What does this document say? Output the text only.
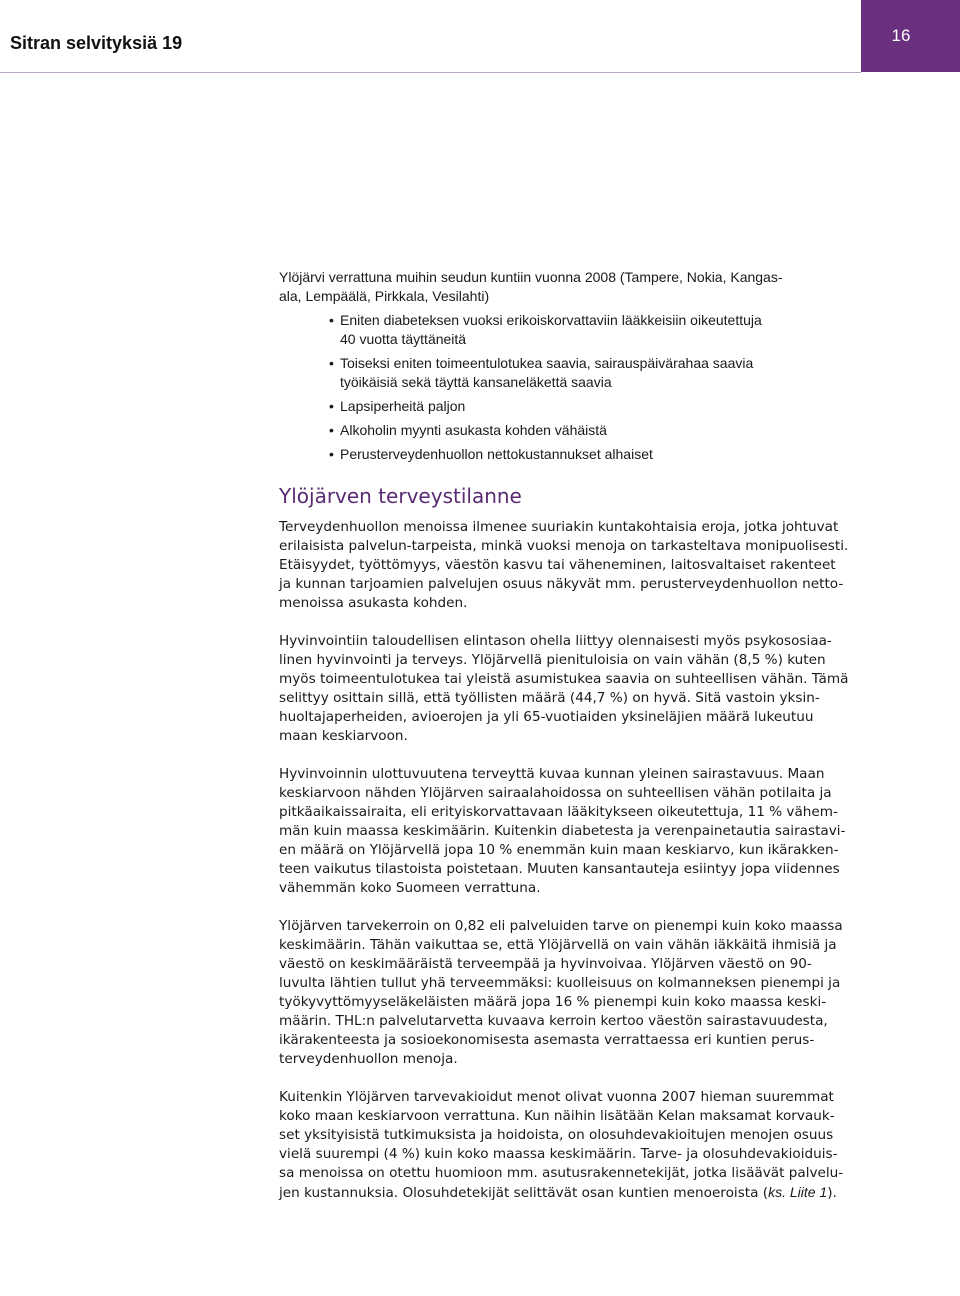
Sitran selvityksiä 19	16

Ylöjärvi verrattuna muihin seudun kuntiin vuonna 2008 (Tampere, Nokia, Kangas-
ala, Lempäälä, Pirkkala, Vesilahti)

• Eniten diabeteksen vuoksi erikoiskorvattaviin lääkkeisiin oikeutettuja
40 vuotta täyttäneitä
• Toiseksi eniten toimeentulotukea saavia, sairauspäivärahaa saavia
työikäisiä sekä täyttä kansaneläkettä saavia
• Lapsiperheitä paljon
• Alkoholin myynti asukasta kohden vähäistä
• Perusterveydenhuollon nettokustannukset alhaiset
Ylöjärven terveystilanne

Terveydenhuollon menoissa ilmenee suuriakin kuntakohtaisia eroja, jotka johtuvat
erilaisista palvelun-tarpeista, minkä vuoksi menoja on tarkasteltava monipuolisesti.
Etäisyydet, työttömyys, väestön kasvu tai väheneminen, laitosvaltaiset rakenteet
ja kunnan tarjoamien palvelujen osuus näkyvät mm. perusterveydenhuollon netto-
menoissa asukasta kohden.

Hyvinvointiin taloudellisen elintason ohella liittyy olennaisesti myös psykososiaa-
linen hyvinvointi ja terveys. Ylöjärvellä pienituloisia on vain vähän (8,5 %) kuten
myös toimeentulotukea tai yleistä asumistukea saavia on suhteellisen vähän. Tämä
selittyy osittain sillä, että työllisten määrä (44,7 %) on hyvä. Sitä vastoin yksin-
huoltajaperheiden, avioerojen ja yli 65-vuotiaiden yksineläjien määrä lukeutuu
maan keskiarvoon.

Hyvinvoinnin ulottuvuutena terveyttä kuvaa kunnan yleinen sairastavuus. Maan
keskiarvoon nähden Ylöjärven sairaalahoidossa on suhteellisen vähän potilaita ja
pitkäaikaissairaita, eli erityiskorvattavaan lääkitykseen oikeutettuja, 11 % vähem-
män kuin maassa keskimäärin. Kuitenkin diabetesta ja verenpainetautia sairastavi-
en määrä on Ylöjärvellä jopa 10 % enemmän kuin maan keskiarvo, kun ikärakken-
teen vaikutus tilastoista poistetaan. Muuten kansantauteja esiintyy jopa viidennes
vähemmän koko Suomeen verrattuna.

Ylöjärven tarvekerroin on 0,82 eli palveluiden tarve on pienempi kuin koko maassa
keskimäärin. Tähän vaikuttaa se, että Ylöjärvellä on vain vähän iäkkäitä ihmisiä ja
väestö on keskimääräistä terveempää ja hyvinvoivaa. Ylöjärven väestö on 90-
luvulta lähtien tullut yhä terveemmäksi: kuolleisuus on kolmanneksen pienempi ja
työkyvyttömyyseläkeläisten määrä jopa 16 % pienempi kuin koko maassa keski-
määrin. THL:n palvelutarvetta kuvaava kerroin kertoo väestön sairastavuudesta,
ikärakenteesta ja sosioekonomisesta asemasta verrattaessa eri kuntien perus-
terveydenhuollon menoja.

Kuitenkin Ylöjärven tarvevakioidut menot olivat vuonna 2007 hieman suuremmat
koko maan keskiarvoon verrattuna. Kun näihin lisätään Kelan maksamat korvauk-
set yksityisistä tutkimuksista ja hoidoista, on olosuhdevakioitujen menojen osuus
vielä suurempi (4 %) kuin koko maassa keskimäärin. Tarve- ja olosuhdevakioiduis-
sa menoissa on otettu huomioon mm. asutusrakennetekijät, jotka lisäävät palvelu-
jen kustannuksia. Olosuhdetekijät selittävät osan kuntien menoeroista (ks. Liite 1).
